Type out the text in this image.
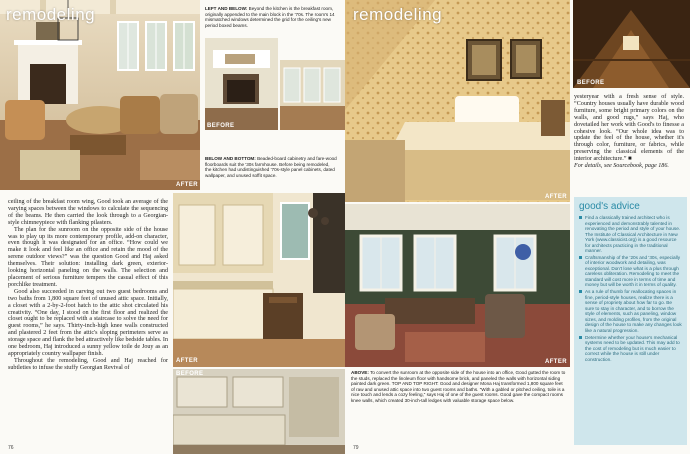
remodeling
AFTER
LEFT AND BELOW: Beyond the kitchen is the breakfast room, originally appended to the main block in the '70s. The room's 14 mismatched windows determined the grid for the ceiling's new period boxed beams.
BEFORE
BELOW AND BOTTOM: Beaded-board cabinetry and fare-wood floorboards suit the '30s farmhouse. Before being remodeled, the kitchen had undistinguished '70s-style panel cabinets, dated wallpaper, and unused soffit space.

ceiling of the breakfast room wing, Good took an average of the varying spaces between the windows to calculate the sequencing of the beams. He then carried the look through to a Georgian-style chimneypiece with flanking pilasters.

The plan for the sunroom on the opposite side of the house was to play up its more contemporary profile, add-on character, even though it was designated for an office. “How could we make it look and feel like an office and retain the mood of the serene outdoor views?” was the question Good and Haj asked themselves. Their solution: installing dark green, exterior-looking horizontal paneling on the walls. The selection and placement of serious furniture tempers the casual effect of this porchlike treatment.

Good also succeeded in carving out two guest bedrooms and two baths from 1,800 square feet of unused attic space. Initially, a closet with a 2-by-2-foot hatch to the attic shot circulated his creativity. “One day, I stood on the first floor and realized the closet ought to be replaced with a staircase to solve the need for guest rooms,” he says. Thirty-inch-high knee walls constructed and plastered 2 feet from the attic's sloping perimeters serve as storage space and flank the bed attractively like bedside tables. In one bedroom, Haj introduced a sunny yellow toile de Jouy as an appropriately country wallpaper finish.

Throughout the remodeling, Good and Haj reached for subtleties to infuse the stuffy Georgian Revival of

AFTER
BEFORE
76
remodeling
AFTER
BEFORE

yesteryear with a fresh sense of style. “Country houses usually have durable wood furniture, some bright primary colors on the walls, and good rugs,” says Haj, who dovetailed her work with Good's to finesse a cohesive look. “Our whole idea was to update the feel of the house, whether it's through color, furniture, or fabrics, while preserving the classical elements of the interior architecture.” ■

For details, see Sourcebook, page 186.

AFTER
ABOVE: To convert the sunroom at the opposite side of the house into an office, Good gutted the room to the studs, replaced the linoleum floor with handsome brick, and paneled the walls with horizontal siding painted dark green. TOP AND TOP RIGHT: Good and designer Mona Haj transformed 1,800 square feet of raw and unused attic space into two guest rooms and baths. “With a gabled or pitched ceiling, toile is a nice touch and lends a cozy feeling,” says Haj of one of the guest rooms. Good gave the compact rooms knee walls, which created 30-inch-tall ledges with valuable storage space below.
good's advice
Find a classically trained architect who is experienced and demonstrably talented in renovating the period and style of your house. The Institute of Classical Architecture in New York (www.classicist.org) is a good resource for architects practicing in the traditional manner.
Craftsmanship of the '20s and '30s, especially of interior woodwork and detailing, was exceptional. Don't lose what is a plus through careless obliteration. Remodeling to meet the standard will cost more in terms of time and money but will be worth it in terms of quality.
As a rule of thumb for reallocating spaces in fine, period-style houses, realize there is a sense of propriety about how far to go. Be sure to stay in character, and to borrow the style of elements, such as paneling, window sizes, and molding profiles, from the original design of the house to make any changes look like a natural progression.
Determine whether your house's mechanical systems need to be updated. This may add to the cost of remodeling but is much easier to correct while the house is still under construction.
79
